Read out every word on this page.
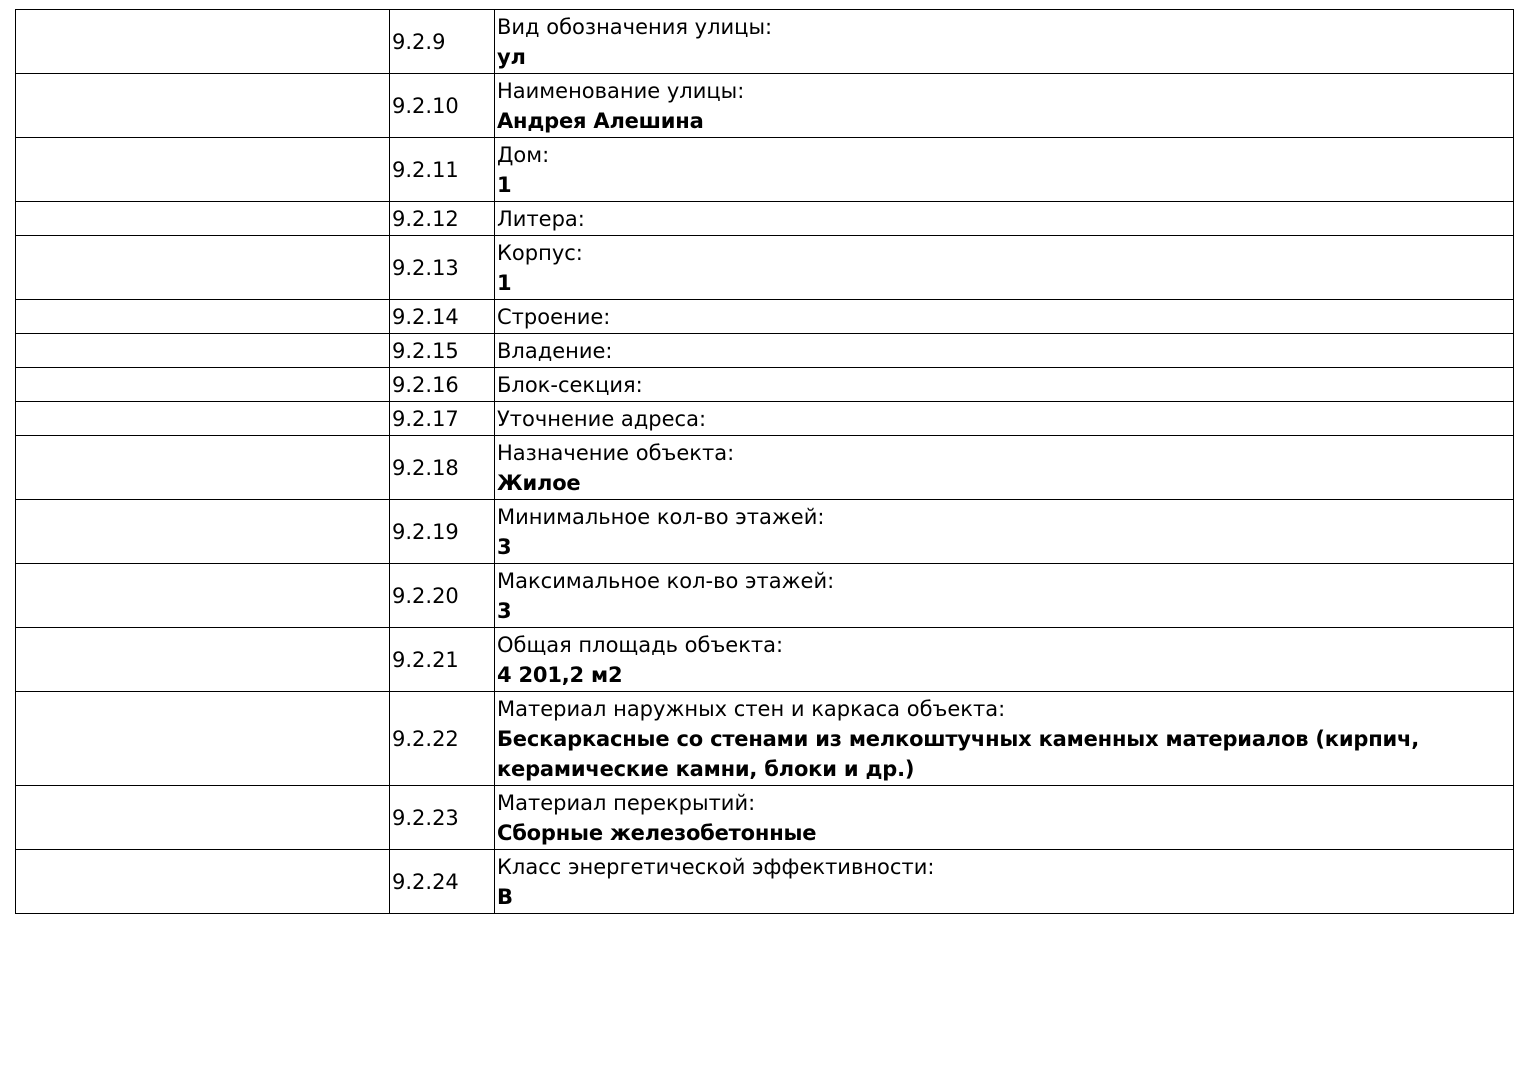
	9.2.9	Вид обозначения улицы:
ул

	9.2.10	Наименование улицы:
Андрея Алешина

	9.2.11	Дом:
1

	9.2.12	Литера:

	9.2.13	Корпус:
1

	9.2.14	Строение:

	9.2.15	Владение:

	9.2.16	Блок-секция:

	9.2.17	Уточнение адреса:

	9.2.18	Назначение объекта:
Жилое

	9.2.19	Минимальное кол-во этажей:
3

	9.2.20	Максимальное кол-во этажей:
3

	9.2.21	Общая площадь объекта:
4 201,2 м2

	9.2.22	Материал наружных стен и каркаса объекта:
Бескаркасные со стенами из мелкоштучных каменных материалов (кирпич, керамические камни, блоки и др.)

	9.2.23	Материал перекрытий:
Сборные железобетонные

	9.2.24	Класс энергетической эффективности:
В
